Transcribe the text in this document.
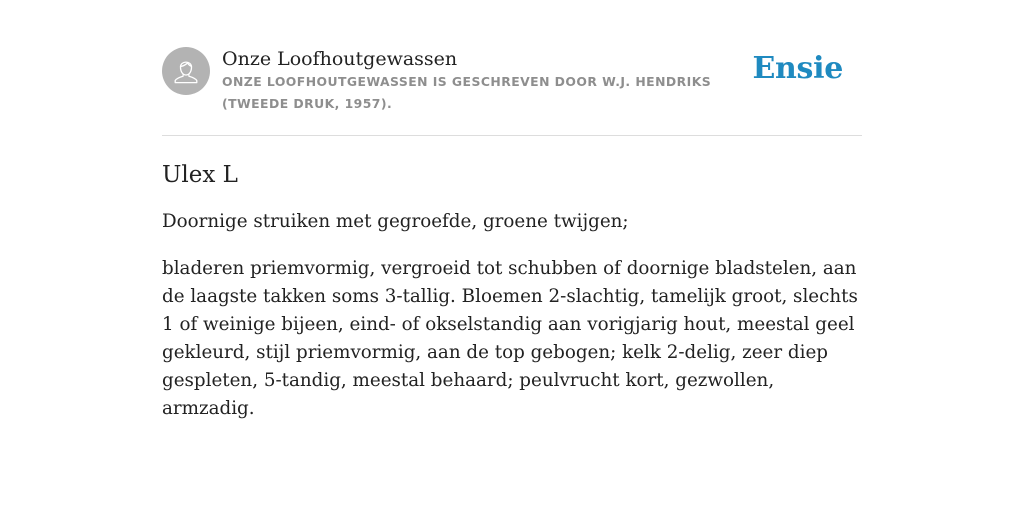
Onze Loofhoutgewassen
ONZE LOOFHOUTGEWASSEN IS GESCHREVEN DOOR W.J. HENDRIKS (TWEEDE DRUK, 1957).
Ensie
Ulex L

Doornige struiken met gegroefde, groene twijgen;

bladeren priemvormig, vergroeid tot schubben of doornige bladstelen, aan de laagste takken soms 3-tallig. Bloemen 2-slachtig, tamelijk groot, slechts 1 of weinige bijeen, eind- of okselstandig aan vorigjarig hout, meestal geel gekleurd, stijl priemvormig, aan de top gebogen; kelk 2-delig, zeer diep gespleten, 5-tandig, meestal behaard; peulvrucht kort, gezwollen, armzadig.
